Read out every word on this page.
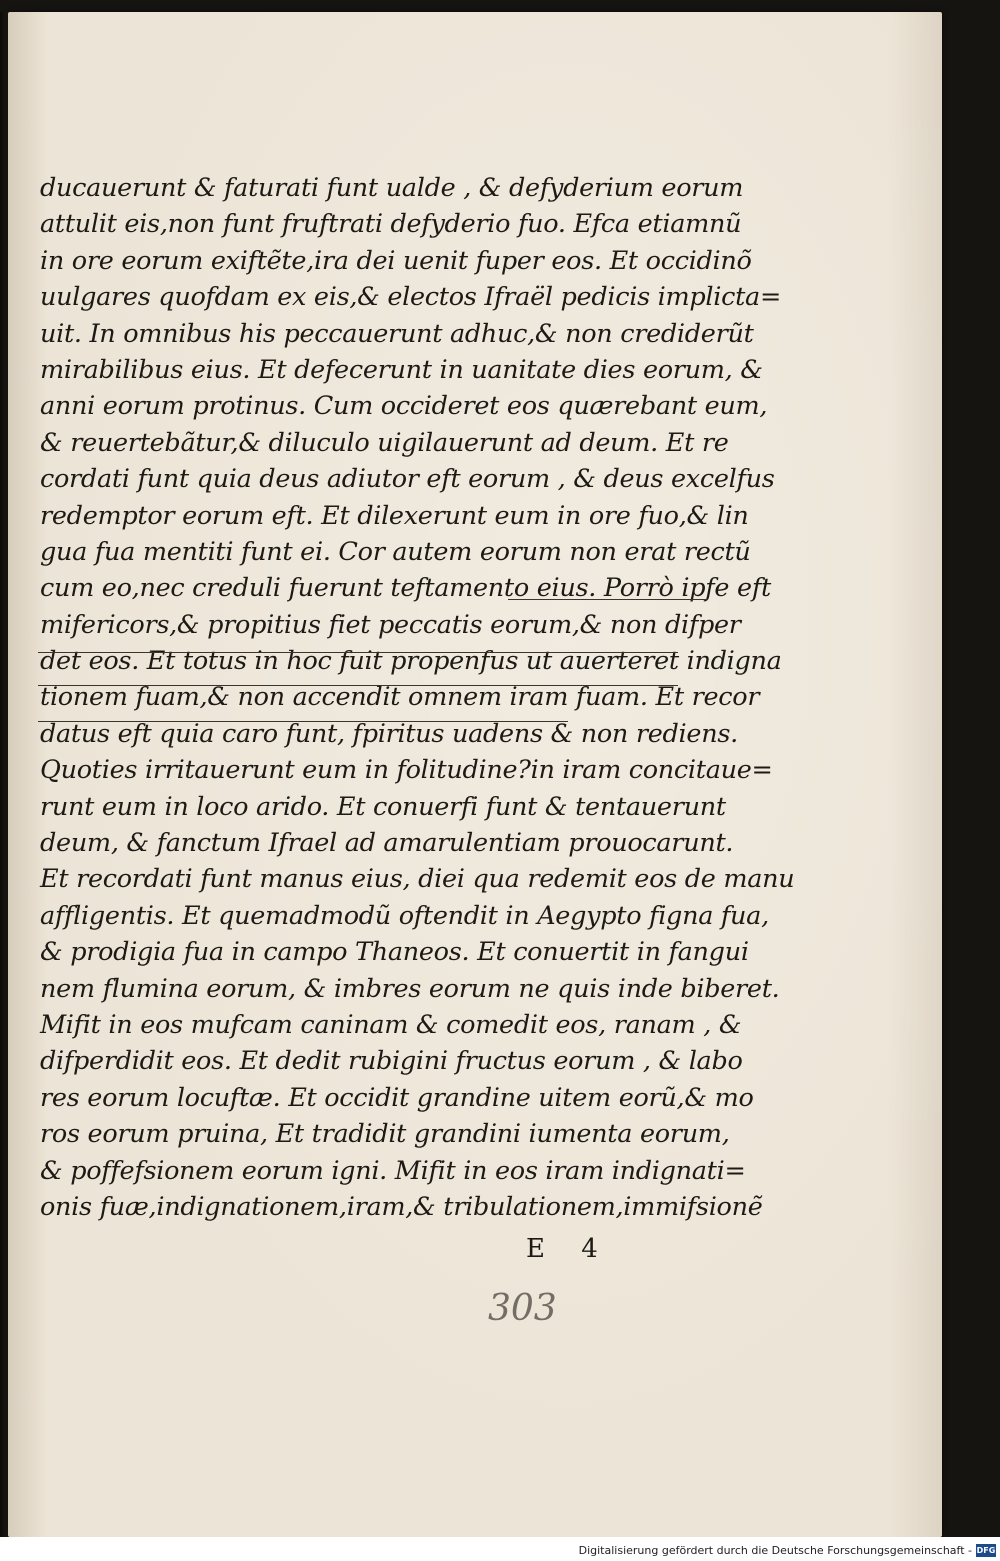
ducauerunt & faturati funt ualde , & defyderium eorum
attulit eis,non funt fruftrati defyderio fuo. Efca etiamnũ
in ore eorum exiftẽte,ira dei uenit fuper eos. Et occidinõ
uulgares quofdam ex eis,& electos Ifraël pedicis implicta=
uit. In omnibus his peccauerunt adhuc,& non crediderũt
mirabilibus eius. Et defecerunt in uanitate dies eorum, &
anni eorum protinus. Cum occideret eos quærebant eum,
& reuertebãtur,& diluculo uigilauerunt ad deum. Et re
cordati funt quia deus adiutor eft eorum , & deus excelfus
redemptor eorum eft. Et dilexerunt eum in ore fuo,& lin
gua fua mentiti funt ei. Cor autem eorum non erat rectũ
cum eo,nec creduli fuerunt teftamento eius. Porrò ipfe eft
mifericors,& propitius fiet peccatis eorum,& non difper
det eos. Et totus in hoc fuit propenfus ut auerteret indigna
tionem fuam,& non accendit omnem iram fuam. Et recor
datus eft quia caro funt, fpiritus uadens & non rediens.
Quoties irritauerunt eum in folitudine?in iram concitaue=
runt eum in loco arido. Et conuerfi funt & tentauerunt
deum, & fanctum Ifrael ad amarulentiam prouocarunt.
Et recordati funt manus eius, diei qua redemit eos de manu
affligentis. Et quemadmodũ oftendit in Aegypto figna fua,
& prodigia fua in campo Thaneos. Et conuertit in fangui
nem flumina eorum, & imbres eorum ne quis inde biberet.
Mifit in eos mufcam caninam & comedit eos, ranam , &
difperdidit eos. Et dedit rubigini fructus eorum , & labo
res eorum locuftæ. Et occidit grandine uitem eorũ,& mo
ros eorum pruina, Et tradidit grandini iumenta eorum,
& poffefsionem eorum igni. Mifit in eos iram indignati=
onis fuæ,indignationem,iram,& tribulationem,immifsionẽ
E 4
303
Digitalisierung gefördert durch die Deutsche Forschungsgemeinschaft - DFG
